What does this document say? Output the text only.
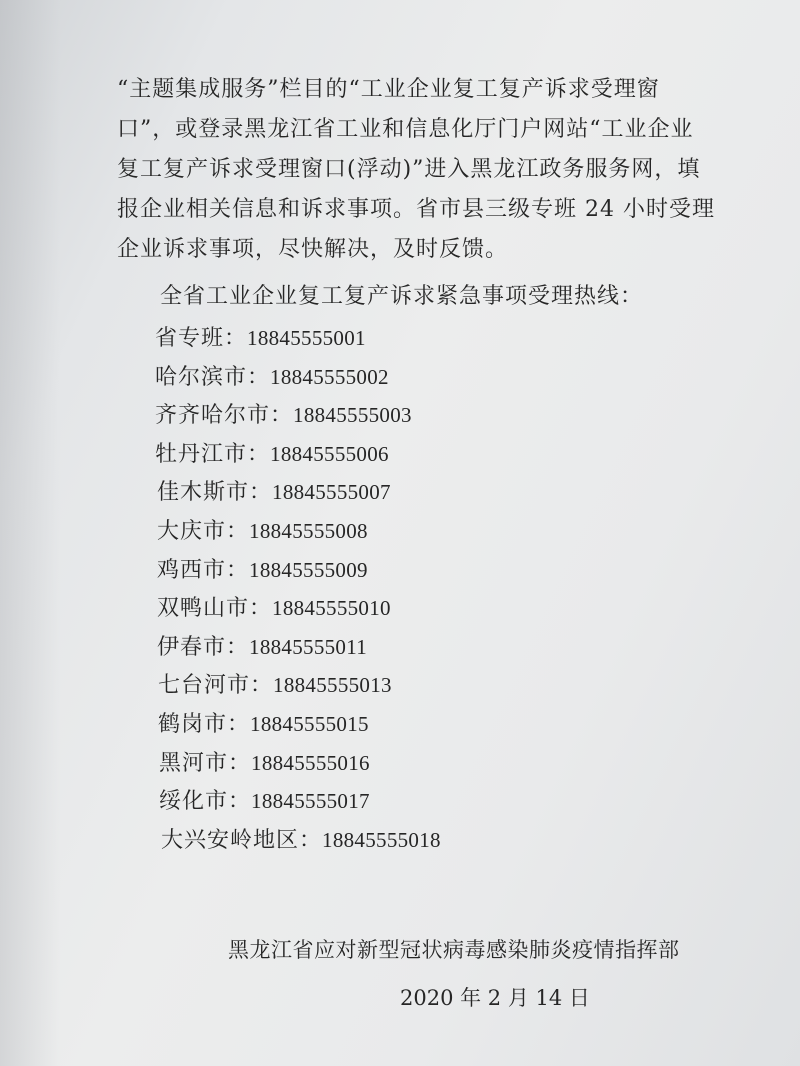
“主题集成服务”栏目的“工业企业复工复产诉求受理窗
口”，或登录黑龙江省工业和信息化厅门户网站“工业企业
复工复产诉求受理窗口(浮动)”进入黑龙江政务服务网，填
报企业相关信息和诉求事项。省市县三级专班 24 小时受理
企业诉求事项，尽快解决，及时反馈。

全省工业企业复工复产诉求紧急事项受理热线：

省专班：18845555001
哈尔滨市：18845555002
齐齐哈尔市：18845555003
牡丹江市：18845555006
佳木斯市：18845555007
大庆市：18845555008
鸡西市：18845555009
双鸭山市：18845555010
伊春市：18845555011
七台河市：18845555013
鹤岗市：18845555015
黑河市：18845555016
绥化市：18845555017
大兴安岭地区：18845555018

黑龙江省应对新型冠状病毒感染肺炎疫情指挥部

2020 年 2 月 14 日
